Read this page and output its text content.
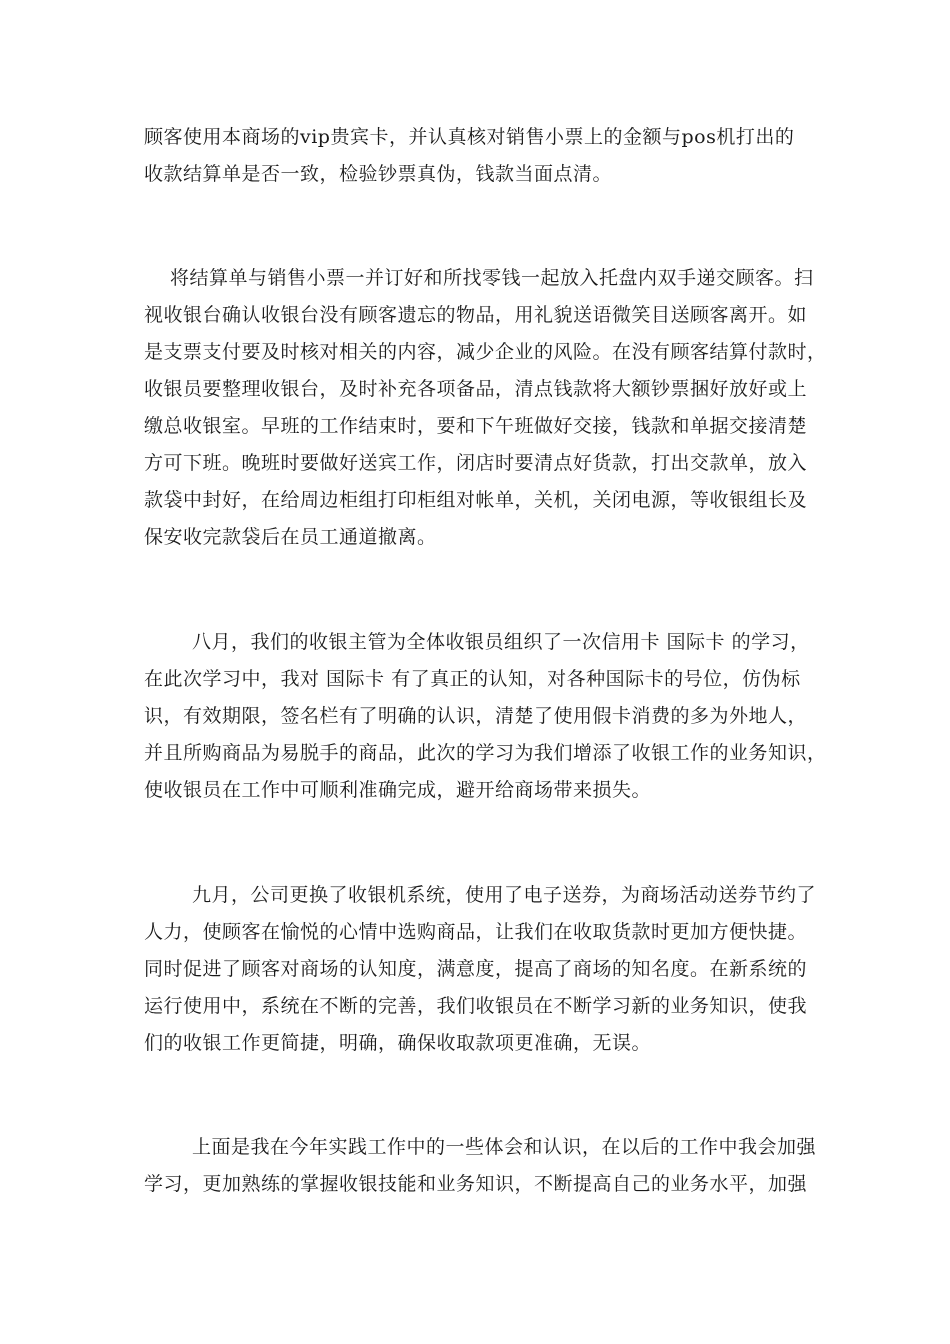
顾客使用本商场的vip贵宾卡，并认真核对销售小票上的金额与pos机打出的
收款结算单是否一致，检验钞票真伪，钱款当面点清。
将结算单与销售小票一并订好和所找零钱一起放入托盘内双手递交顾客。扫
视收银台确认收银台没有顾客遗忘的物品，用礼貌送语微笑目送顾客离开。如
是支票支付要及时核对相关的内容，减少企业的风险。在没有顾客结算付款时，
收银员要整理收银台，及时补充各项备品，清点钱款将大额钞票捆好放好或上
缴总收银室。早班的工作结束时，要和下午班做好交接，钱款和单据交接清楚
方可下班。晚班时要做好送宾工作，闭店时要清点好货款，打出交款单，放入
款袋中封好，在给周边柜组打印柜组对帐单，关机，关闭电源，等收银组长及
保安收完款袋后在员工通道撤离。
八月，我们的收银主管为全体收银员组织了一次信用卡 国际卡 的学习，
在此次学习中，我对 国际卡 有了真正的认知，对各种国际卡的号位，仿伪标
识，有效期限，签名栏有了明确的认识，清楚了使用假卡消费的多为外地人，
并且所购商品为易脱手的商品，此次的学习为我们增添了收银工作的业务知识，
使收银员在工作中可顺利准确完成，避开给商场带来损失。
九月，公司更换了收银机系统，使用了电子送券，为商场活动送券节约了
人力，使顾客在愉悦的心情中选购商品，让我们在收取货款时更加方便快捷。
同时促进了顾客对商场的认知度，满意度，提高了商场的知名度。在新系统的
运行使用中，系统在不断的完善，我们收银员在不断学习新的业务知识，使我
们的收银工作更简捷，明确，确保收取款项更准确，无误。
上面是我在今年实践工作中的一些体会和认识，在以后的工作中我会加强
学习，更加熟练的掌握收银技能和业务知识，不断提高自己的业务水平，加强
